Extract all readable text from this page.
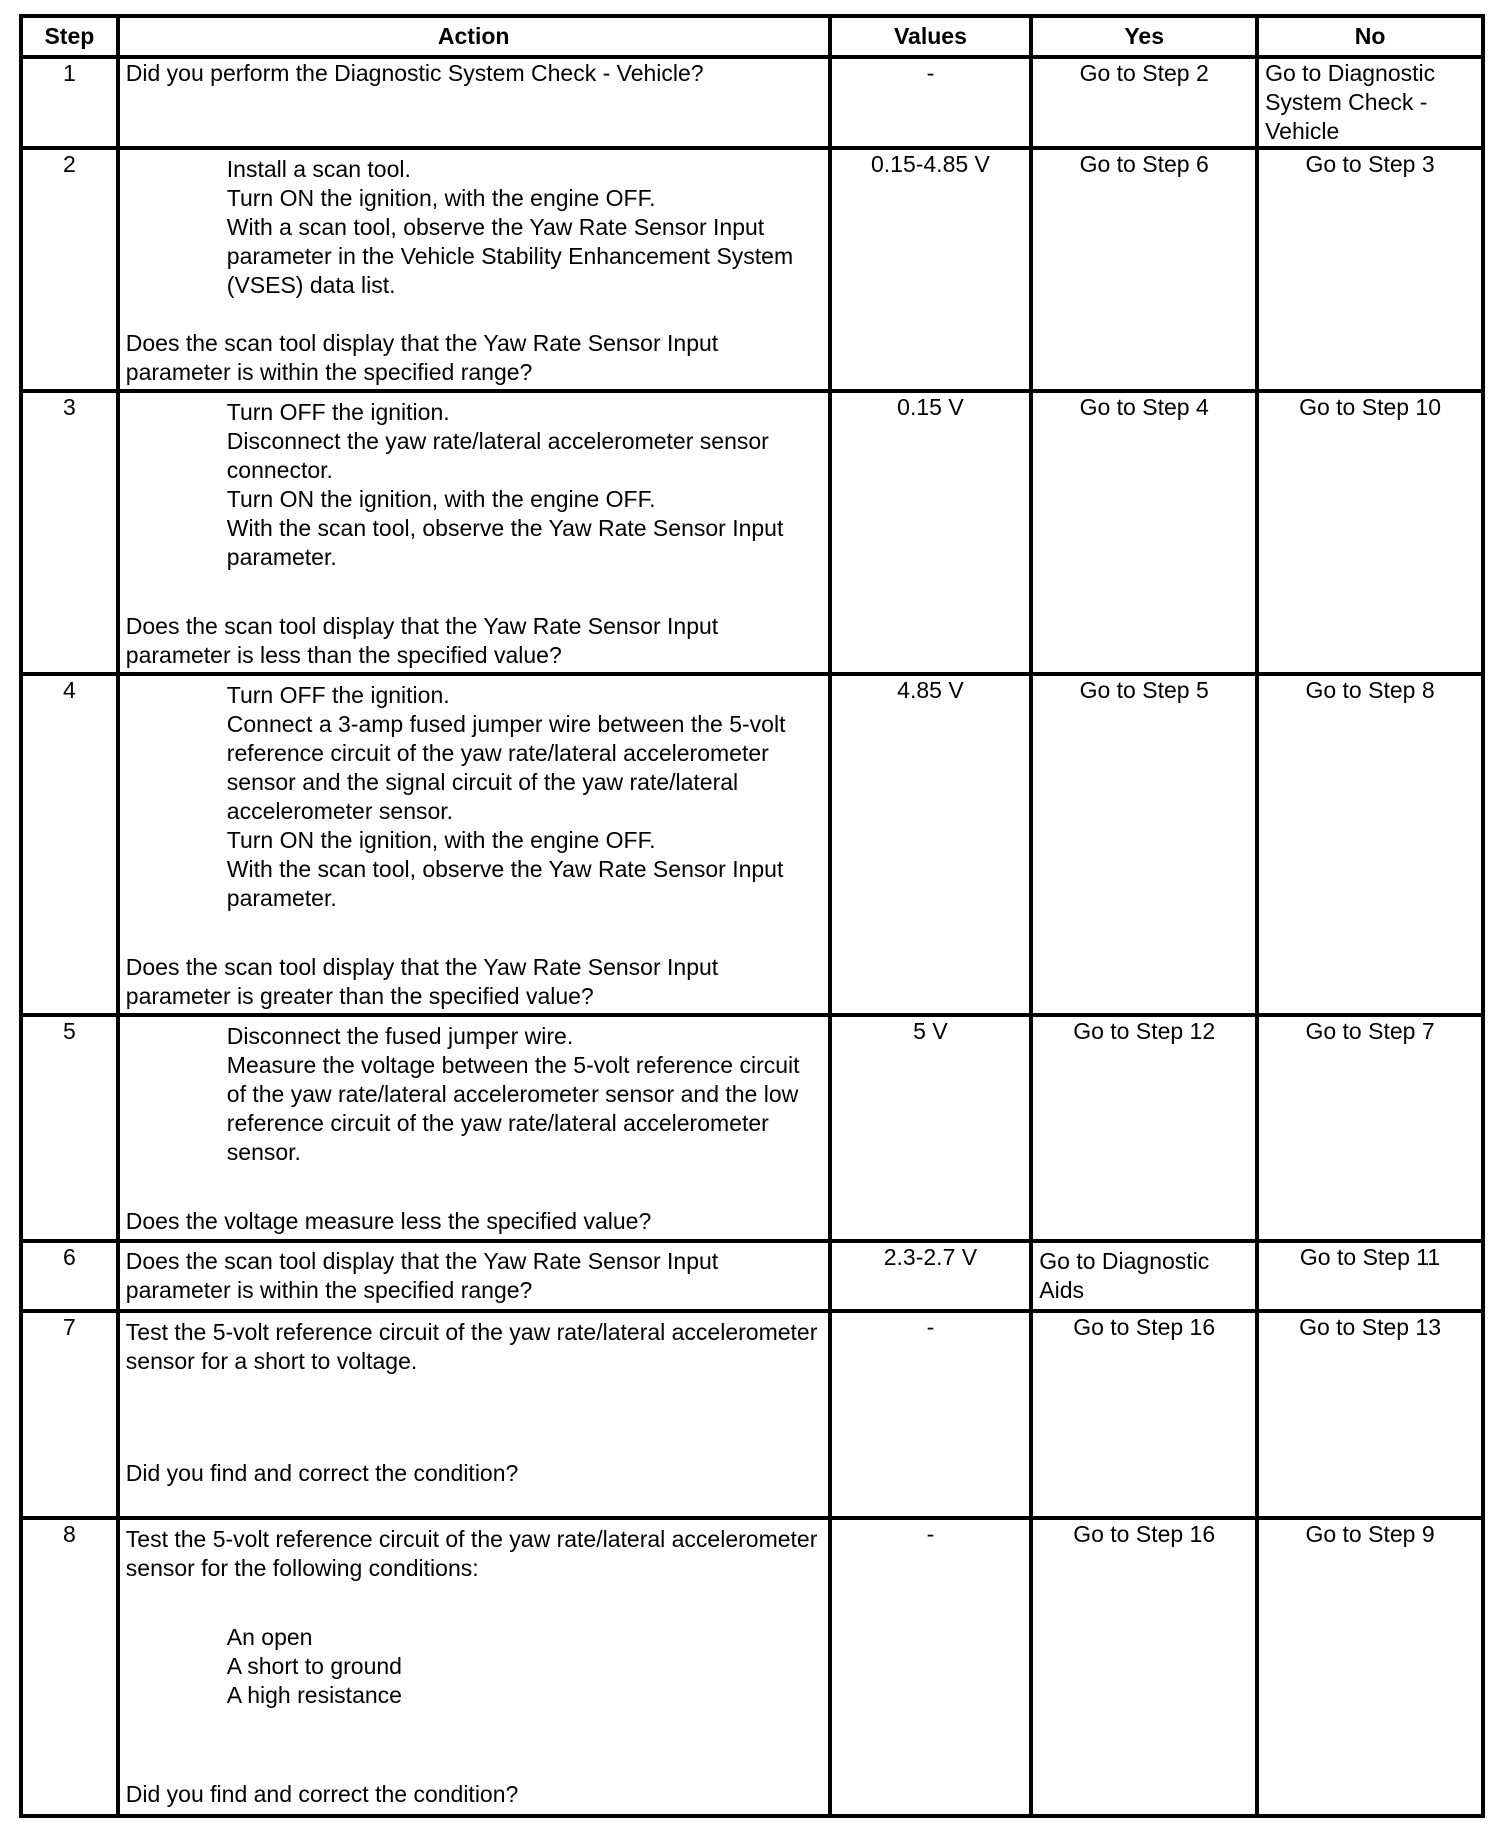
Step	Action	Values	Yes	No
1	Did you perform the Diagnostic System Check - Vehicle?	-	Go to Step 2	Go to Diagnostic System Check - Vehicle
2	Install a scan tool.
Turn ON the ignition, with the engine OFF.
With a scan tool, observe the Yaw Rate Sensor Input parameter in the Vehicle Stability Enhancement System (VSES) data list.
Does the scan tool display that the Yaw Rate Sensor Input parameter is within the specified range?	0.15-4.85 V	Go to Step 6	Go to Step 3
3	Turn OFF the ignition.
Disconnect the yaw rate/lateral accelerometer sensor connector.
Turn ON the ignition, with the engine OFF.
With the scan tool, observe the Yaw Rate Sensor Input parameter.
Does the scan tool display that the Yaw Rate Sensor Input parameter is less than the specified value?	0.15 V	Go to Step 4	Go to Step 10
4	Turn OFF the ignition.
Connect a 3-amp fused jumper wire between the 5-volt reference circuit of the yaw rate/lateral accelerometer sensor and the signal circuit of the yaw rate/lateral accelerometer sensor.
Turn ON the ignition, with the engine OFF.
With the scan tool, observe the Yaw Rate Sensor Input parameter.
Does the scan tool display that the Yaw Rate Sensor Input parameter is greater than the specified value?	4.85 V	Go to Step 5	Go to Step 8
5	Disconnect the fused jumper wire.
Measure the voltage between the 5-volt reference circuit of the yaw rate/lateral accelerometer sensor and the low reference circuit of the yaw rate/lateral accelerometer sensor.
Does the voltage measure less the specified value?	5 V	Go to Step 12	Go to Step 7
6	Does the scan tool display that the Yaw Rate Sensor Input parameter is within the specified range?	2.3-2.7 V	Go to Diagnostic Aids	Go to Step 11
7	Test the 5-volt reference circuit of the yaw rate/lateral accelerometer sensor for a short to voltage.
Did you find and correct the condition?	-	Go to Step 16	Go to Step 13
8	Test the 5-volt reference circuit of the yaw rate/lateral accelerometer sensor for the following conditions:
An open
A short to ground
A high resistance
Did you find and correct the condition?	-	Go to Step 16	Go to Step 9
